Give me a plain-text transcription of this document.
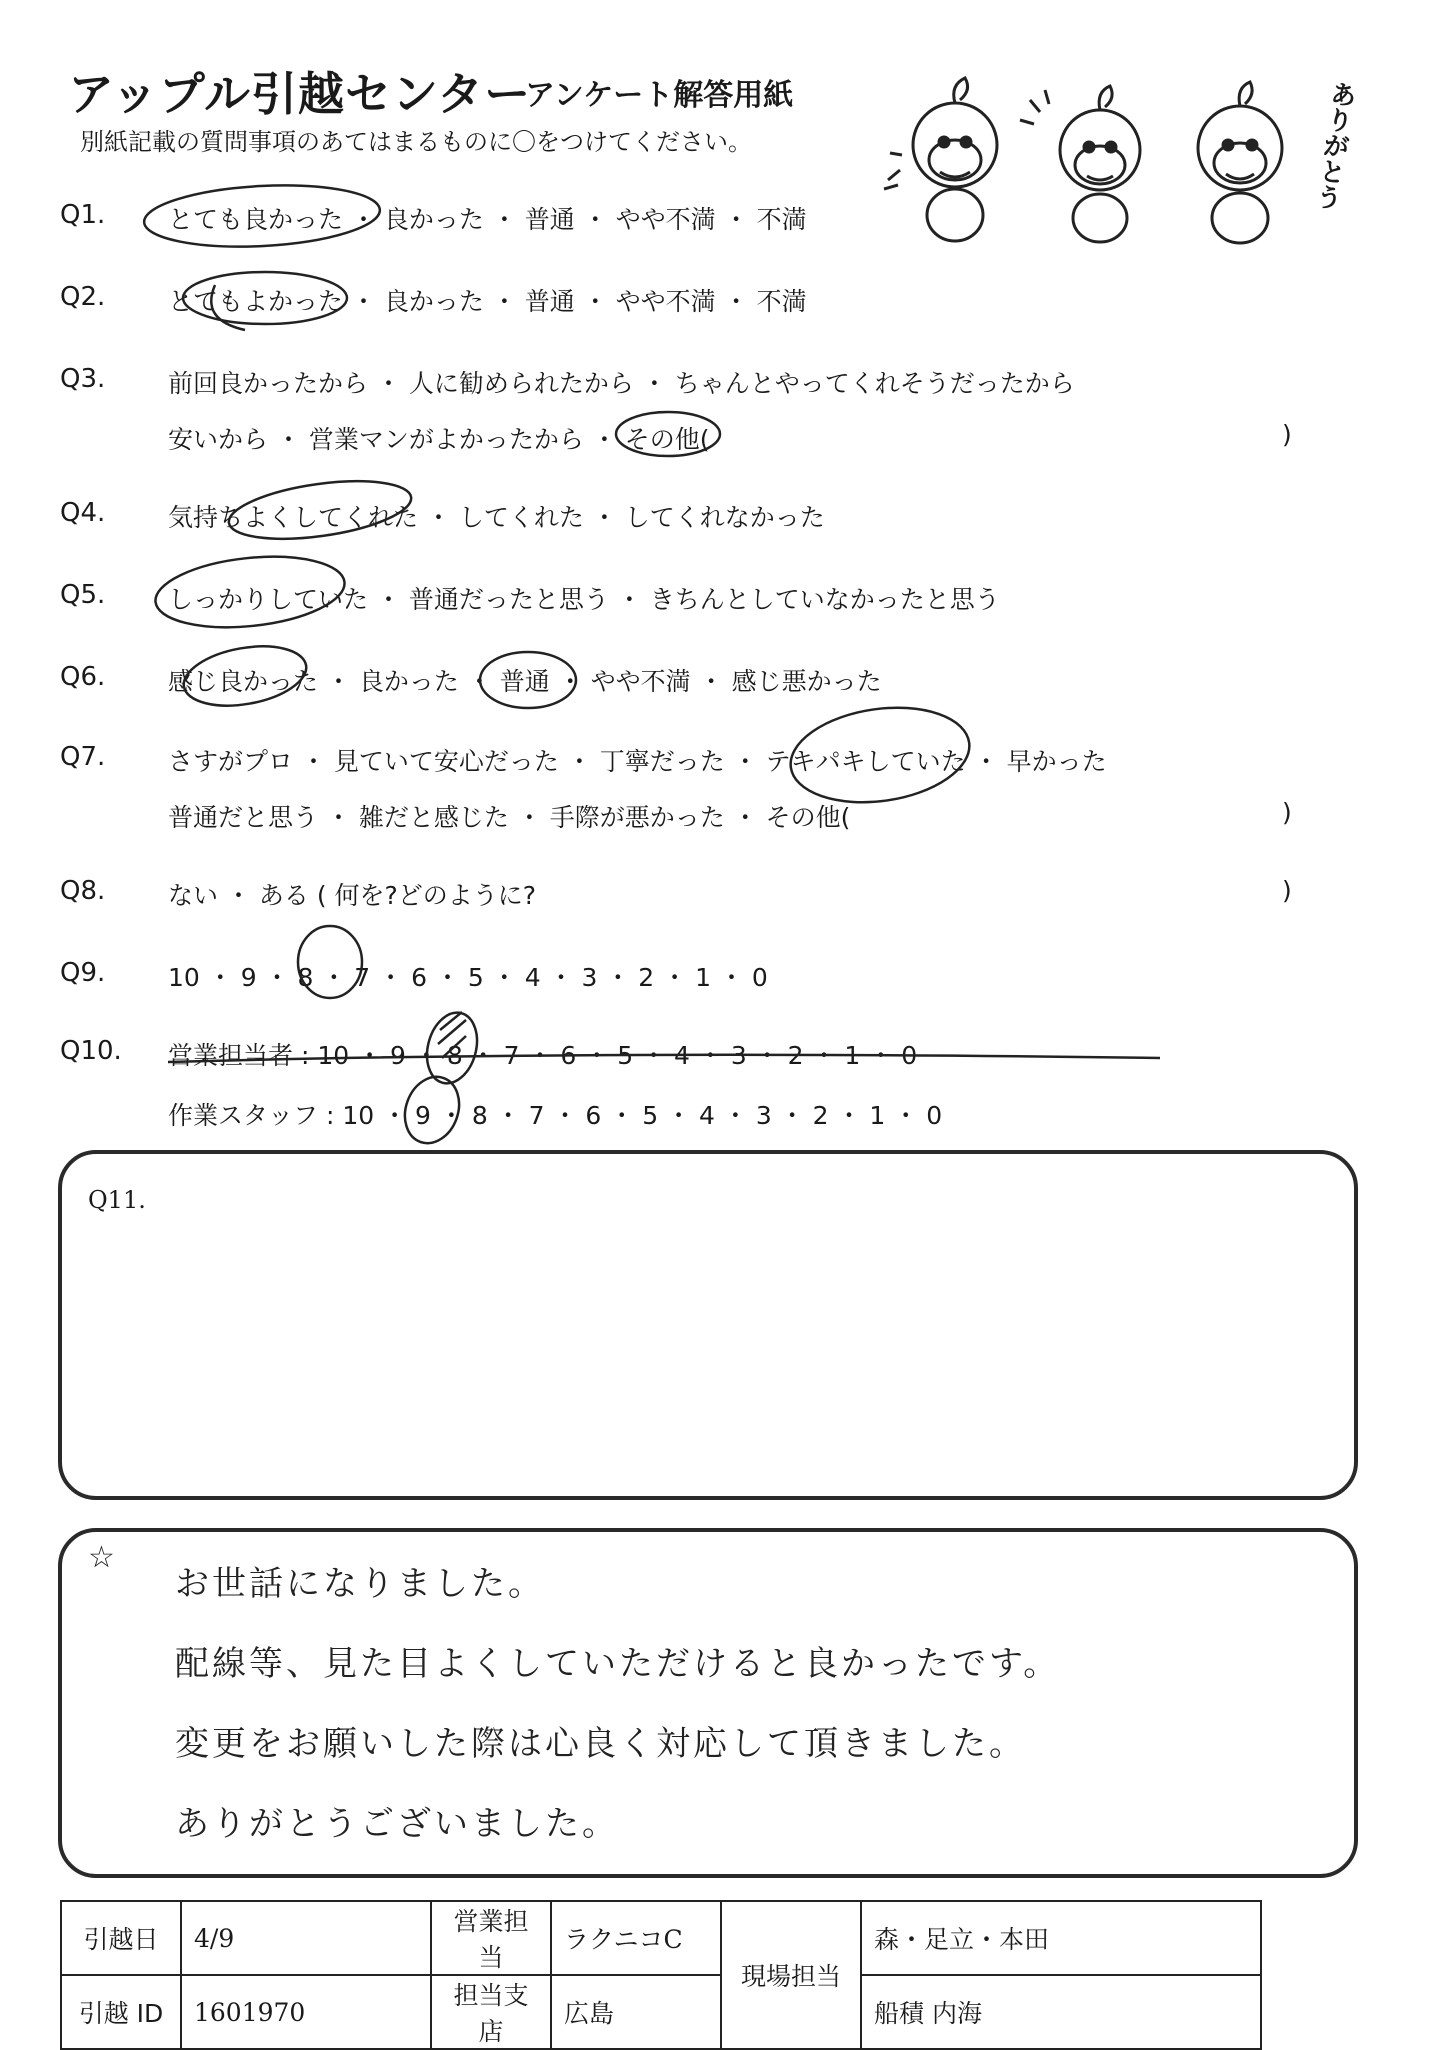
アップル引越センター
アンケート解答用紙
別紙記載の質問事項のあてはまるものに〇をつけてください。	ありがとう
Q1.	とても良かった ・ 良かった ・ 普通 ・ やや不満 ・ 不満
Q2.	とてもよかった ・ 良かった ・ 普通 ・ やや不満 ・ 不満
Q3.	前回良かったから ・ 人に勧められたから ・ ちゃんとやってくれそうだったから
安いから ・ 営業マンがよかったから ・ その他(	)
Q4.	気持ちよくしてくれた ・ してくれた ・ してくれなかった
Q5.	しっかりしていた ・ 普通だったと思う ・ きちんとしていなかったと思う
Q6.	感じ良かった ・ 良かった ・ 普通 ・ やや不満 ・ 感じ悪かった
Q7.	さすがプロ ・ 見ていて安心だった ・ 丁寧だった ・ テキパキしていた ・ 早かった
普通だと思う ・ 雑だと感じた ・ 手際が悪かった ・ その他(	)
Q8.	ない ・ ある ( 何を?どのように?	)
Q9.	10 ・ 9 ・ 8 ・ 7 ・ 6 ・ 5 ・ 4 ・ 3 ・ 2 ・ 1 ・ 0
Q10. 営業担当者 : 10 ・ 9 ・ 8 ・ 7 ・ 6 ・ 5 ・ 4 ・ 3 ・ 2 ・ 1 ・ 0
作業スタッフ : 10 ・ 9 ・ 8 ・ 7 ・ 6 ・ 5 ・ 4 ・ 3 ・ 2 ・ 1 ・ 0
Q11.
☆
お世話になりました。
配線等、見た目よくしていただけると良かったです。
変更をお願いした際は心良く対応して頂きました。
ありがとうございました。
引越日	4/9	営業担当	ラクニコC	現場担当	森・足立・本田
引越 ID	1601970	担当支店	広島		船積 内海
